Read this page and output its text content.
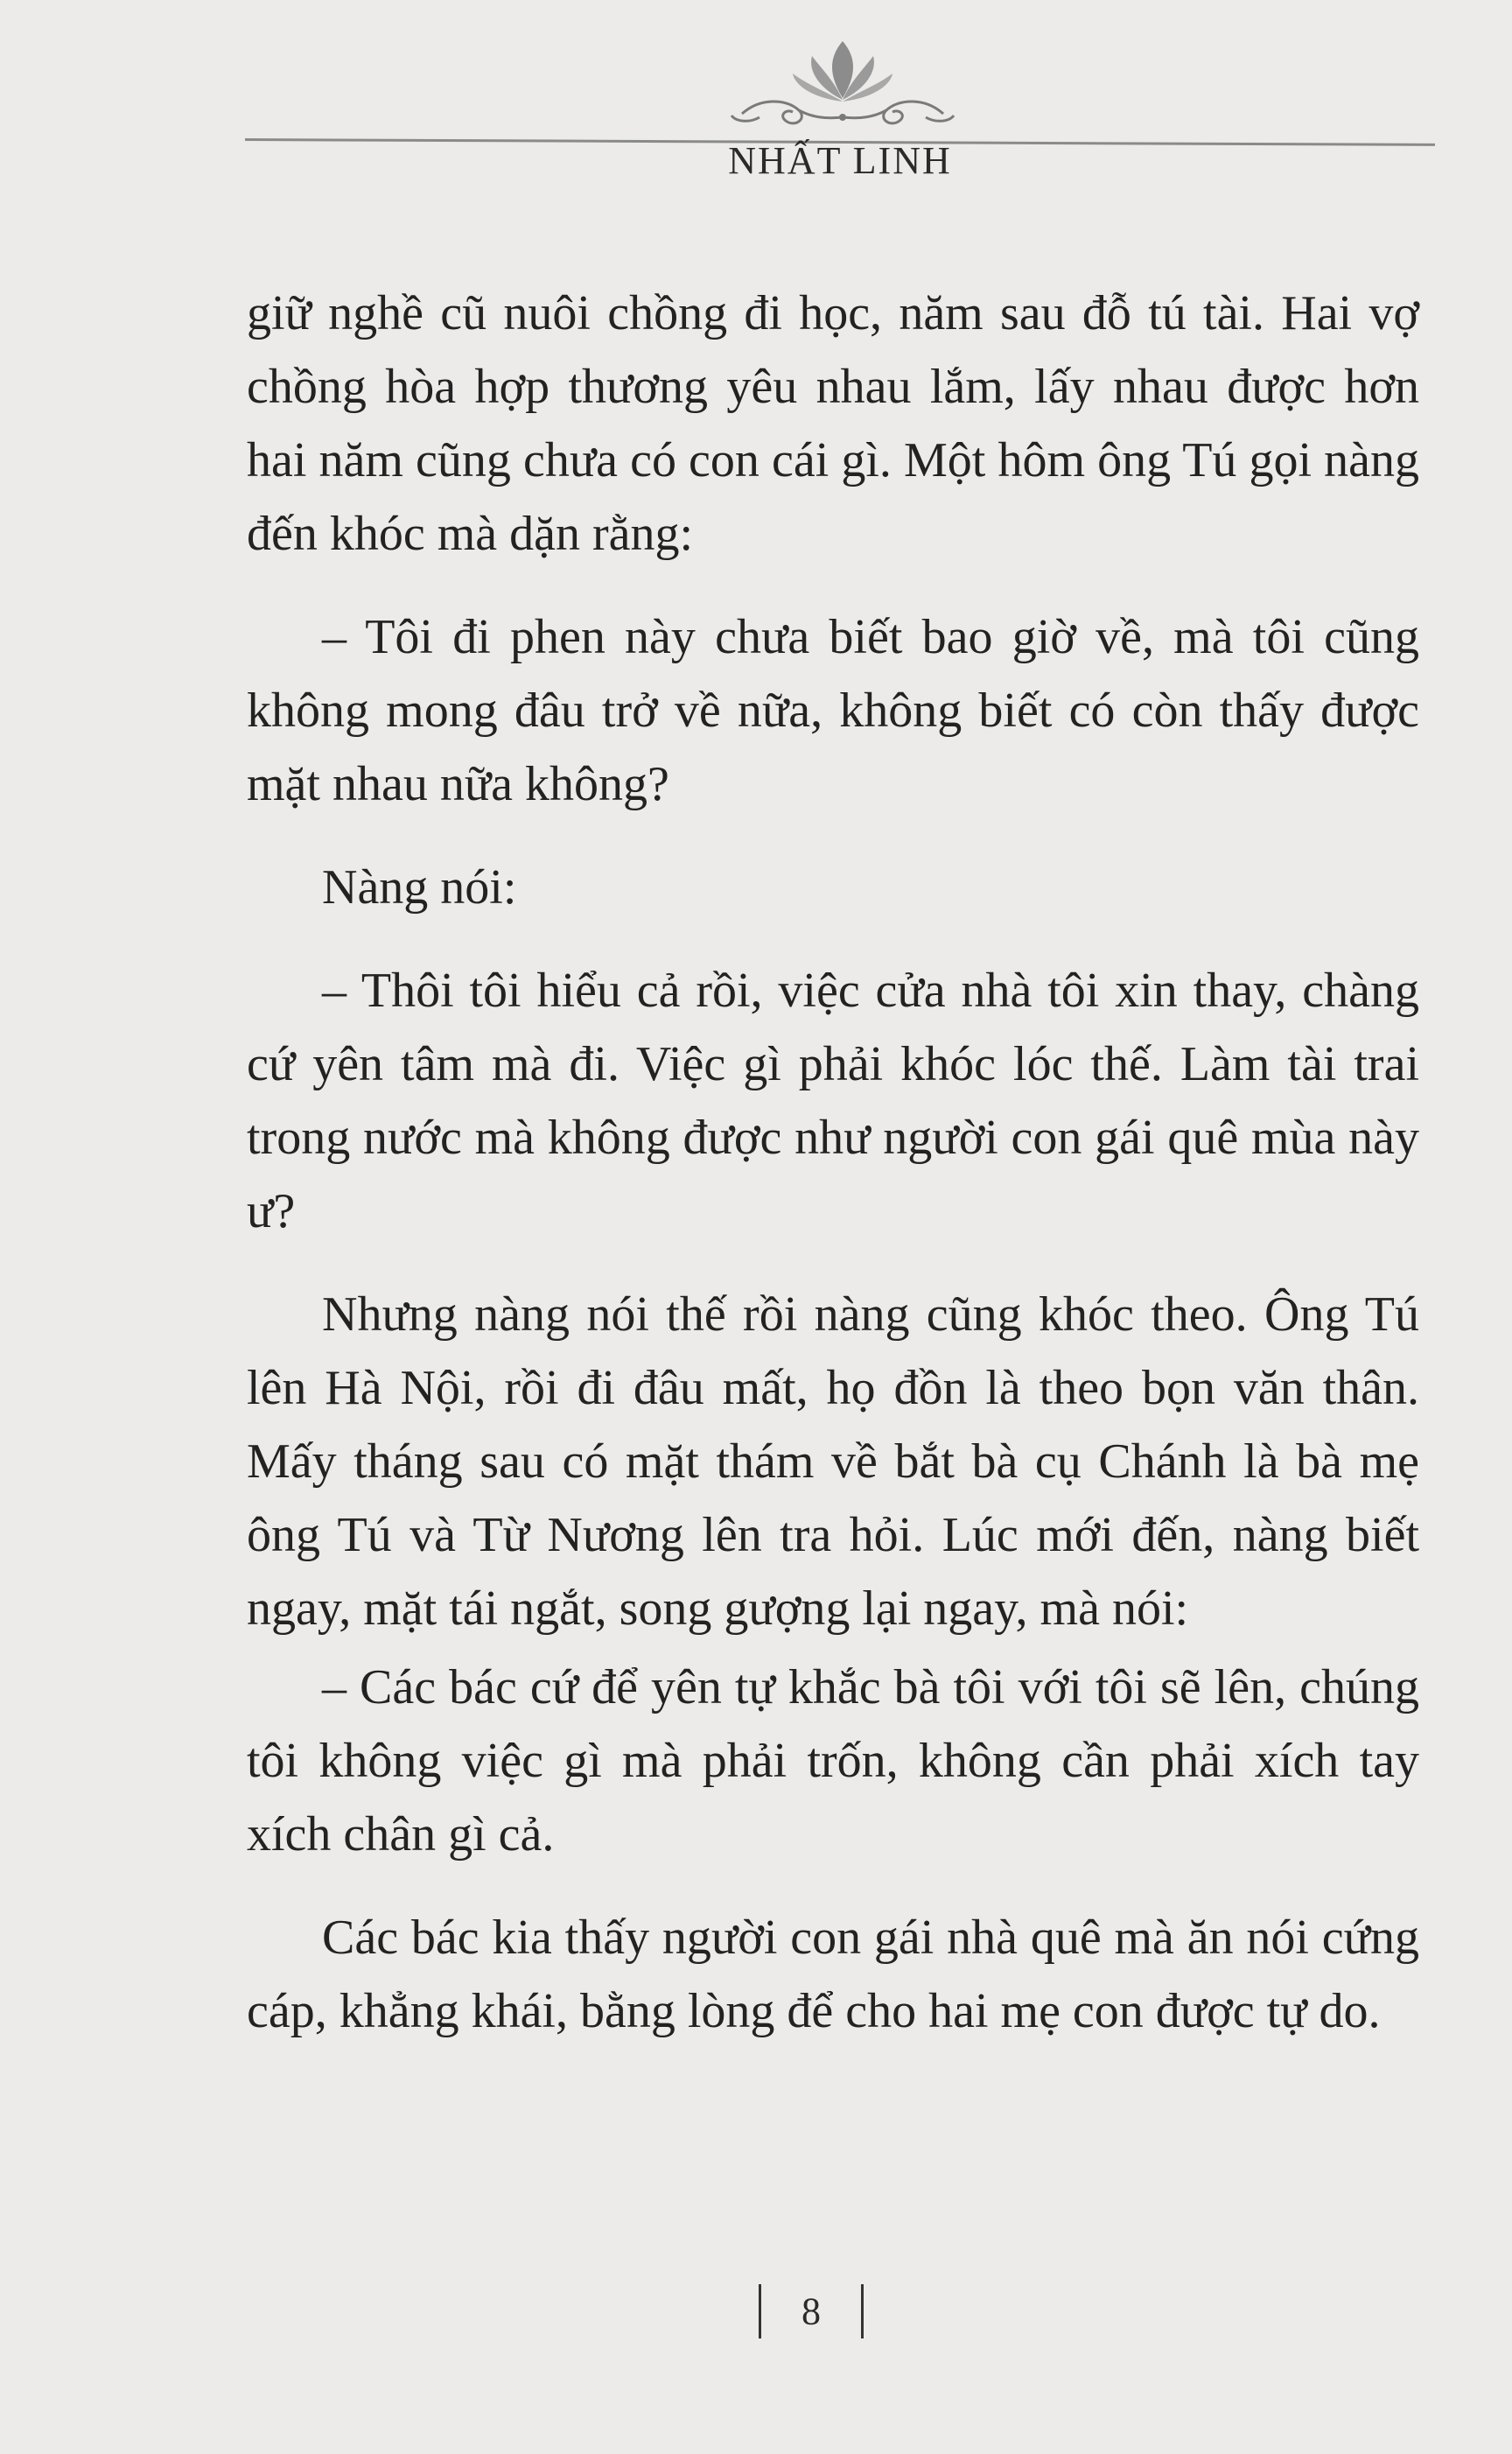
NHẤT LINH

giữ nghề cũ nuôi chồng đi học, năm sau đỗ tú tài. Hai vợ chồng hòa hợp thương yêu nhau lắm, lấy nhau được hơn hai năm cũng chưa có con cái gì. Một hôm ông Tú gọi nàng đến khóc mà dặn rằng:

– Tôi đi phen này chưa biết bao giờ về, mà tôi cũng không mong đâu trở về nữa, không biết có còn thấy được mặt nhau nữa không?

Nàng nói:

– Thôi tôi hiểu cả rồi, việc cửa nhà tôi xin thay, chàng cứ yên tâm mà đi. Việc gì phải khóc lóc thế. Làm tài trai trong nước mà không được như người con gái quê mùa này ư?

Nhưng nàng nói thế rồi nàng cũng khóc theo. Ông Tú lên Hà Nội, rồi đi đâu mất, họ đồn là theo bọn văn thân. Mấy tháng sau có mặt thám về bắt bà cụ Chánh là bà mẹ ông Tú và Từ Nương lên tra hỏi. Lúc mới đến, nàng biết ngay, mặt tái ngắt, song gượng lại ngay, mà nói:

– Các bác cứ để yên tự khắc bà tôi với tôi sẽ lên, chúng tôi không việc gì mà phải trốn, không cần phải xích tay xích chân gì cả.

Các bác kia thấy người con gái nhà quê mà ăn nói cứng cáp, khẳng khái, bằng lòng để cho hai mẹ con được tự do.

8
